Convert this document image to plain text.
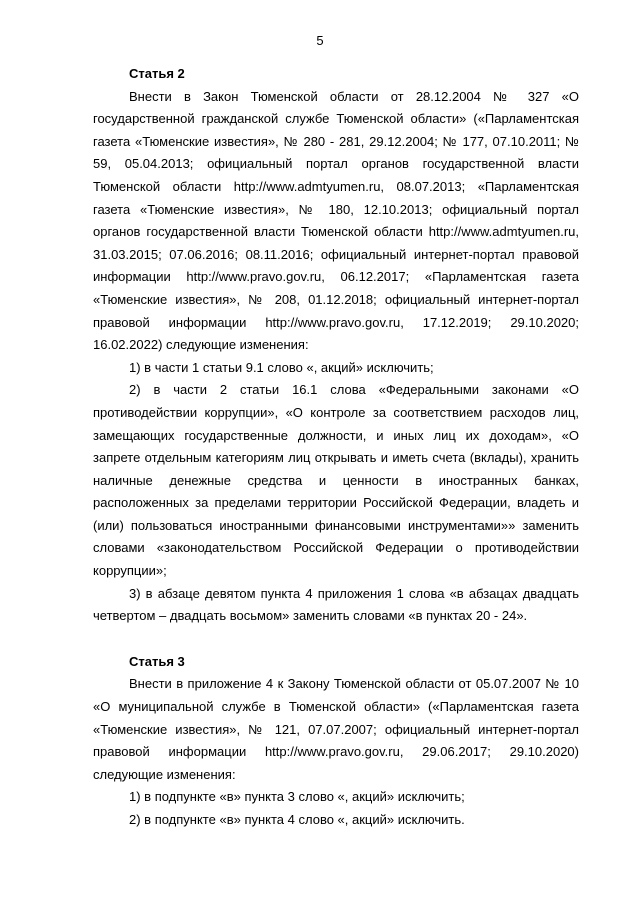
5

Статья 2

Внести в Закон Тюменской области от 28.12.2004 № 327 «О государственной гражданской службе Тюменской области» («Парламентская газета «Тюменские известия», № 280 - 281, 29.12.2004; № 177, 07.10.2011; № 59, 05.04.2013; официальный портал органов государственной власти Тюменской области http://www.admtyumen.ru, 08.07.2013; «Парламентская газета «Тюменские известия», № 180, 12.10.2013; официальный портал органов государственной власти Тюменской области http://www.admtyumen.ru, 31.03.2015; 07.06.2016; 08.11.2016; официальный интернет-портал правовой информации http://www.pravo.gov.ru, 06.12.2017; «Парламентская газета «Тюменские известия», № 208, 01.12.2018; официальный интернет-портал правовой информации http://www.pravo.gov.ru, 17.12.2019; 29.10.2020; 16.02.2022) следующие изменения:

1) в части 1 статьи 9.1 слово «, акций» исключить;

2) в части 2 статьи 16.1 слова «Федеральными законами «О противодействии коррупции», «О контроле за соответствием расходов лиц, замещающих государственные должности, и иных лиц их доходам», «О запрете отдельным категориям лиц открывать и иметь счета (вклады), хранить наличные денежные средства и ценности в иностранных банках, расположенных за пределами территории Российской Федерации, владеть и (или) пользоваться иностранными финансовыми инструментами»» заменить словами «законодательством Российской Федерации о противодействии коррупции»;

3) в абзаце девятом пункта 4 приложения 1 слова «в абзацах двадцать четвертом – двадцать восьмом» заменить словами «в пунктах 20 - 24».

Статья 3

Внести в приложение 4 к Закону Тюменской области от 05.07.2007 № 10 «О муниципальной службе в Тюменской области» («Парламентская газета «Тюменские известия», № 121, 07.07.2007; официальный интернет-портал правовой информации http://www.pravo.gov.ru, 29.06.2017; 29.10.2020) следующие изменения:

1) в подпункте «в» пункта 3 слово «, акций» исключить;

2) в подпункте «в» пункта 4 слово «, акций» исключить.
